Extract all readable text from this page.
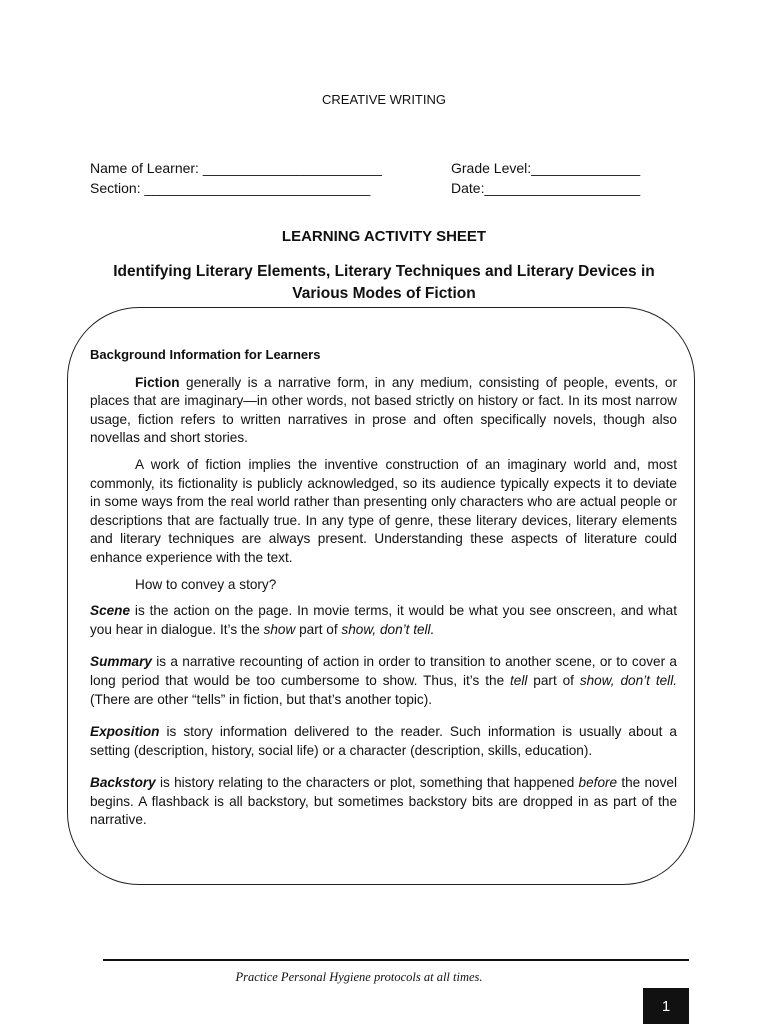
CREATIVE WRITING
Name of Learner: _______________________	Grade Level:______________
Section: _____________________________	Date:____________________
LEARNING ACTIVITY SHEET
Identifying Literary Elements, Literary Techniques and Literary Devices in Various Modes of Fiction

Background Information for Learners

Fiction generally is a narrative form, in any medium, consisting of people, events, or places that are imaginary—in other words, not based strictly on history or fact. In its most narrow usage, fiction refers to written narratives in prose and often specifically novels, though also novellas and short stories.

A work of fiction implies the inventive construction of an imaginary world and, most commonly, its fictionality is publicly acknowledged, so its audience typically expects it to deviate in some ways from the real world rather than presenting only characters who are actual people or descriptions that are factually true. In any type of genre, these literary devices, literary elements and literary techniques are always present. Understanding these aspects of literature could enhance experience with the text.

How to convey a story?

Scene is the action on the page. In movie terms, it would be what you see onscreen, and what you hear in dialogue. It’s the show part of show, don’t tell.

Summary is a narrative recounting of action in order to transition to another scene, or to cover a long period that would be too cumbersome to show. Thus, it’s the tell part of show, don’t tell. (There are other “tells” in fiction, but that’s another topic).

Exposition is story information delivered to the reader. Such information is usually about a setting (description, history, social life) or a character (description, skills, education).

Backstory is history relating to the characters or plot, something that happened before the novel begins. A flashback is all backstory, but sometimes backstory bits are dropped in as part of the narrative.

Practice Personal Hygiene protocols at all times.
1
